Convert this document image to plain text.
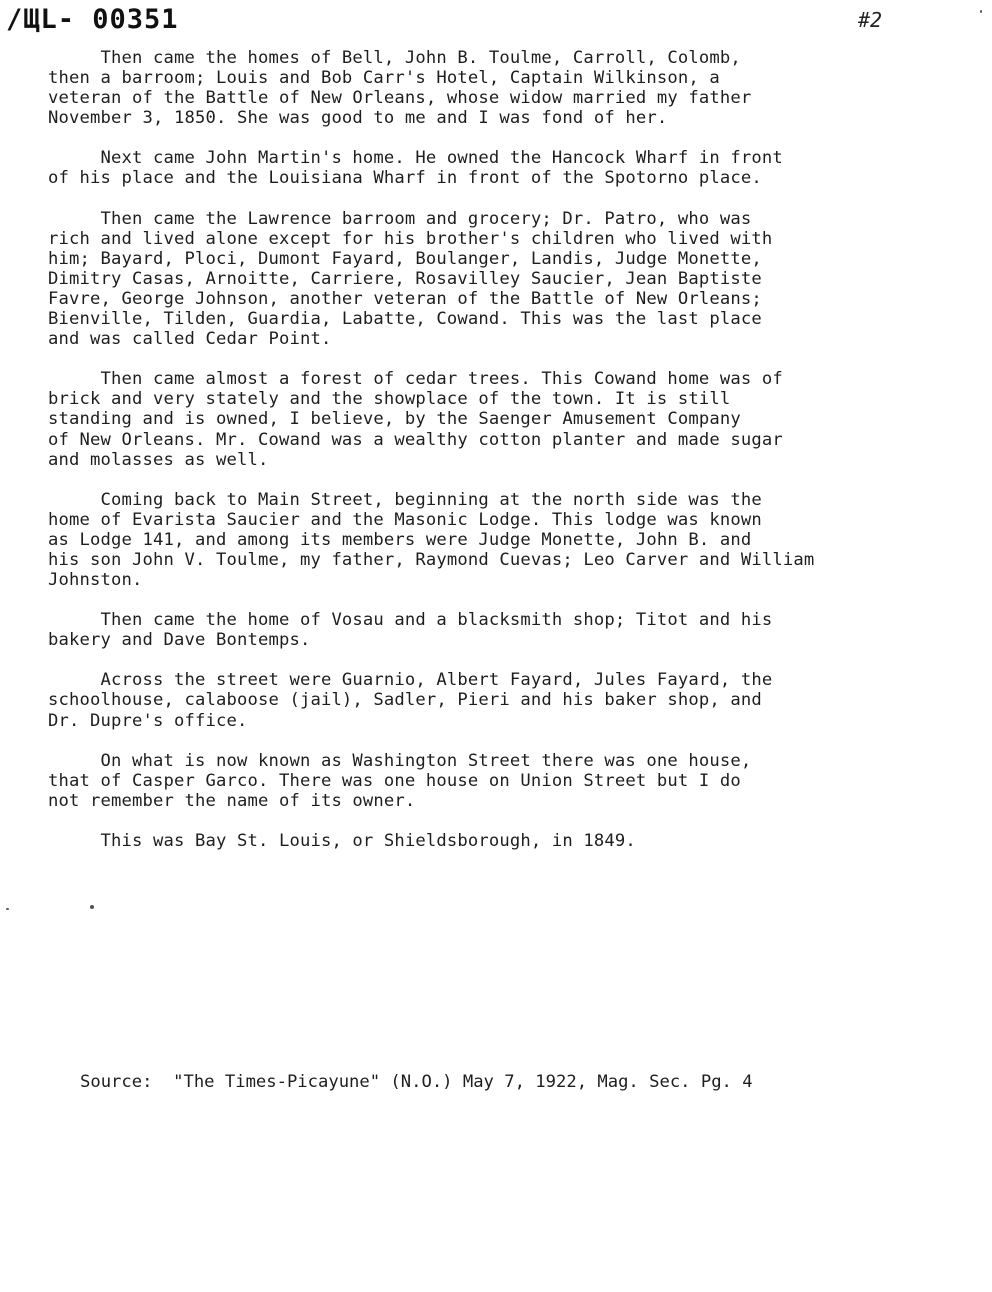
/ЩL- 00351	#2

Then came the homes of Bell, John B. Toulme, Carroll, Colomb,
then a barroom; Louis and Bob Carr's Hotel, Captain Wilkinson, a
veteran of the Battle of New Orleans, whose widow married my father
November 3, 1850. She was good to me and I was fond of her.

Next came John Martin's home. He owned the Hancock Wharf in front
of his place and the Louisiana Wharf in front of the Spotorno place.

Then came the Lawrence barroom and grocery; Dr. Patro, who was
rich and lived alone except for his brother's children who lived with
him; Bayard, Ploci, Dumont Fayard, Boulanger, Landis, Judge Monette,
Dimitry Casas, Arnoitte, Carriere, Rosavilley Saucier, Jean Baptiste
Favre, George Johnson, another veteran of the Battle of New Orleans;
Bienville, Tilden, Guardia, Labatte, Cowand. This was the last place
and was called Cedar Point.

Then came almost a forest of cedar trees. This Cowand home was of
brick and very stately and the showplace of the town. It is still
standing and is owned, I believe, by the Saenger Amusement Company
of New Orleans. Mr. Cowand was a wealthy cotton planter and made sugar
and molasses as well.

Coming back to Main Street, beginning at the north side was the
home of Evarista Saucier and the Masonic Lodge. This lodge was known
as Lodge 141, and among its members were Judge Monette, John B. and
his son John V. Toulme, my father, Raymond Cuevas; Leo Carver and William
Johnston.

Then came the home of Vosau and a blacksmith shop; Titot and his
bakery and Dave Bontemps.

Across the street were Guarnio, Albert Fayard, Jules Fayard, the
schoolhouse, calaboose (jail), Sadler, Pieri and his baker shop, and
Dr. Dupre's office.

On what is now known as Washington Street there was one house,
that of Casper Garco. There was one house on Union Street but I do
not remember the name of its owner.

This was Bay St. Louis, or Shieldsborough, in 1849.

Source:  "The Times-Picayune" (N.O.) May 7, 1922, Mag. Sec. Pg. 4
